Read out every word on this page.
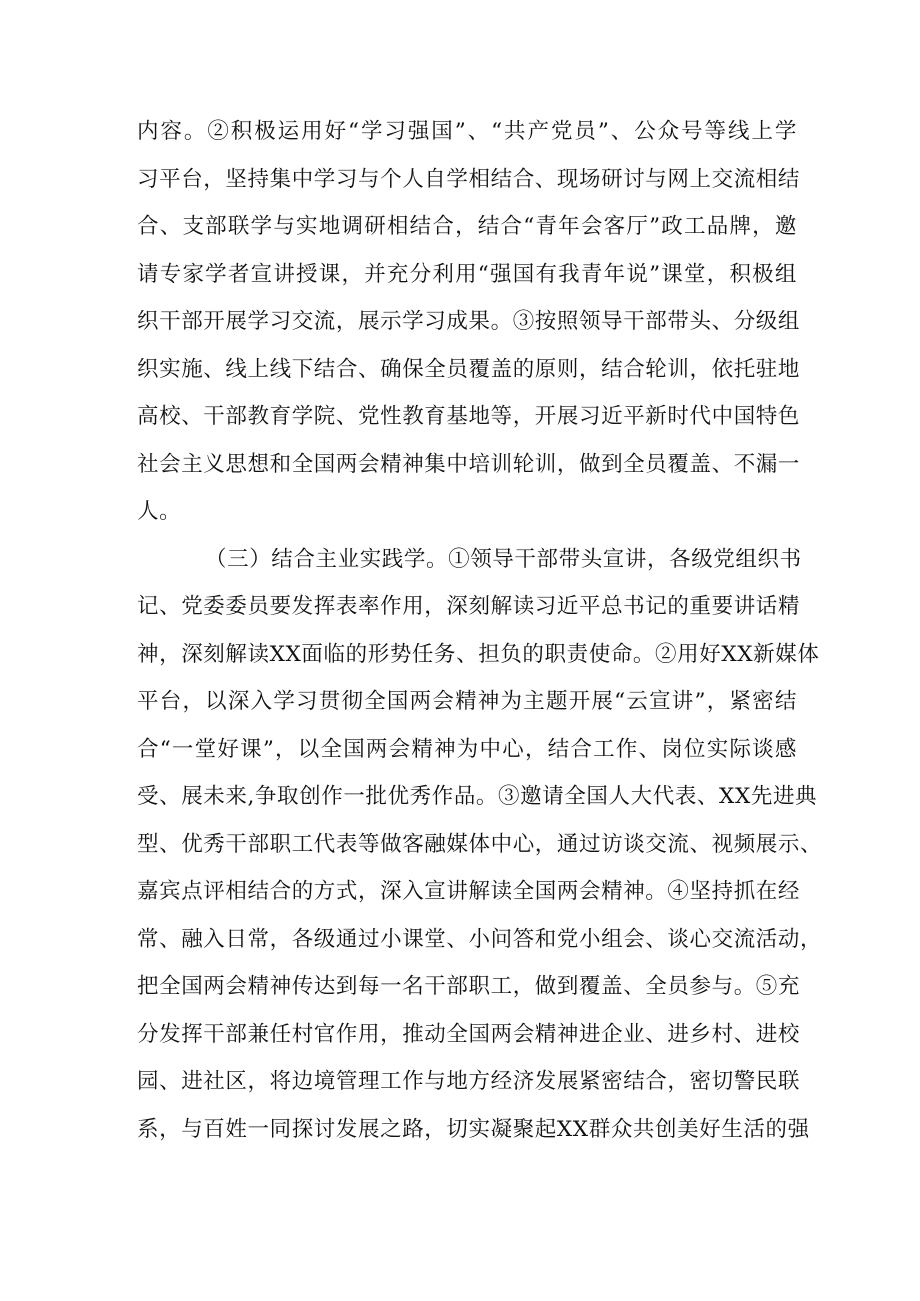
内容。②积极运用好“学习强国”、“共产党员”、公众号等线上学
习平台，坚持集中学习与个人自学相结合、现场研讨与网上交流相结
合、支部联学与实地调研相结合，结合“青年会客厅”政工品牌，邀
请专家学者宣讲授课，并充分利用“强国有我青年说”课堂，积极组
织干部开展学习交流，展示学习成果。③按照领导干部带头、分级组
织实施、线上线下结合、确保全员覆盖的原则，结合轮训，依托驻地
高校、干部教育学院、党性教育基地等，开展习近平新时代中国特色
社会主义思想和全国两会精神集中培训轮训，做到全员覆盖、不漏一
人。
（三）结合主业实践学。①领导干部带头宣讲，各级党组织书
记、党委委员要发挥表率作用，深刻解读习近平总书记的重要讲话精
神，深刻解读XX面临的形势任务、担负的职责使命。②用好XX新媒体
平台，以深入学习贯彻全国两会精神为主题开展“云宣讲”，紧密结
合“一堂好课”，以全国两会精神为中心，结合工作、岗位实际谈感
受、展未来,争取创作一批优秀作品。③邀请全国人大代表、XX先进典
型、优秀干部职工代表等做客融媒体中心，通过访谈交流、视频展示、
嘉宾点评相结合的方式，深入宣讲解读全国两会精神。④坚持抓在经
常、融入日常，各级通过小课堂、小问答和党小组会、谈心交流活动，
把全国两会精神传达到每一名干部职工，做到覆盖、全员参与。⑤充
分发挥干部兼任村官作用，推动全国两会精神进企业、进乡村、进校
园、进社区，将边境管理工作与地方经济发展紧密结合，密切警民联
系，与百姓一同探讨发展之路，切实凝聚起XX群众共创美好生活的强
